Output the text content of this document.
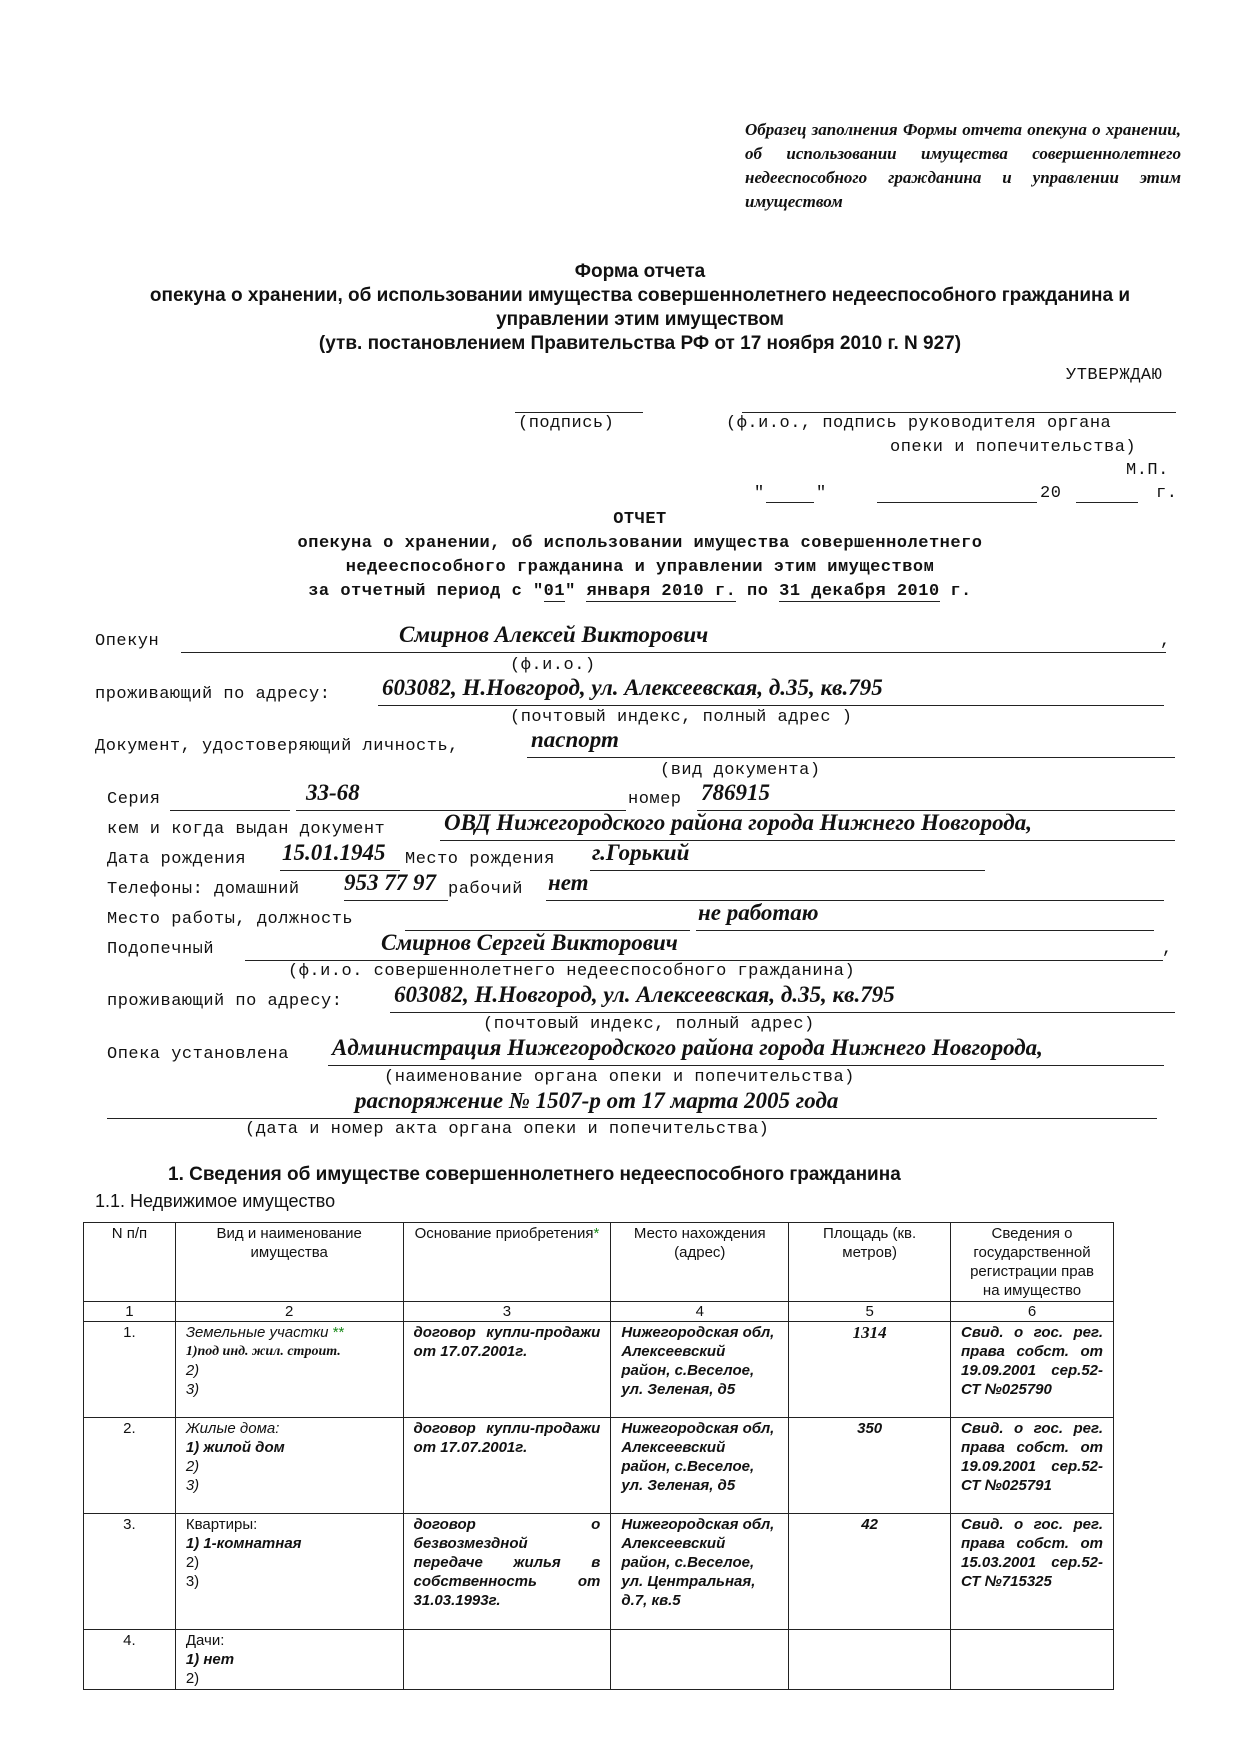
Образец заполнения Формы отчета опекуна о хранении, об использовании имущества совершеннолетнего недееспособного гражданина и управлении этим имуществом
Форма отчета
опекуна о хранении, об использовании имущества совершеннолетнего недееспособного гражданина и
управлении этим имуществом
(утв. постановлением Правительства РФ от 17 ноября 2010 г. N 927)
УТВЕРЖДАЮ
(подпись)	(ф.и.о., подпись руководителя органа
опеки и попечительства)
М.П.
"	"	20	г.
ОТЧЕТ
опекуна о хранении, об использовании имущества совершеннолетнего
недееспособного гражданина и управлении этим имуществом
за отчетный период с "01" января 2010 г. по 31 декабря 2010 г.
Опекун	Смирнов Алексей Викторович	,
(ф.и.о.)
проживающий по адресу: 603082, Н.Новгород, ул. Алексеевская, д.35, кв.795
(почтовый индекс, полный адрес )
Документ, удостоверяющий личность,	паспорт
(вид документа)
Серия	33-68	номер 786915
кем и когда выдан документ	ОВД Нижегородского района города Нижнего Новгорода,
Дата рождения 15.01.1945 Место рождения г.Горький
Телефоны: домашний 953 77 97 рабочий нет
Место работы, должность	не работаю
Подопечный	Смирнов Сергей Викторович	,
(ф.и.о. совершеннолетнего недееспособного гражданина)
проживающий по адресу: 603082, Н.Новгород, ул. Алексеевская, д.35, кв.795
(почтовый индекс, полный адрес)
Опека установлена Администрация Нижегородского района города Нижнего Новгорода,
(наименование органа опеки и попечительства)
распоряжение № 1507-р от 17 марта 2005 года
(дата и номер акта органа опеки и попечительства)
1. Сведения об имуществе совершеннолетнего недееспособного гражданина
1.1. Недвижимое имущество
N п/п	Вид и наименование имущества	Основание приобретения*	Место нахождения (адрес)	Площадь (кв. метров)	Сведения о государственной регистрации прав на имущество
1	2	3	4	5	6
1.	Земельные участки **
1)под инд. жил. строит.
2)
3)	договор купли-продажи от 17.07.2001г.	Нижегородская обл, Алексеевский район, с.Веселое, ул. Зеленая, д5	1314	Свид. о гос. рег. права собст. от 19.09.2001 сер.52-СТ №025790
2.	Жилые дома:
1) жилой дом
2)
3)	договор купли-продажи от 17.07.2001г.	Нижегородская обл, Алексеевский район, с.Веселое, ул. Зеленая, д5	350	Свид. о гос. рег. права собст. от 19.09.2001 сер.52-СТ №025791
3.	Квартиры:
1) 1-комнатная
2)
3)	договор о безвозмездной передаче жилья в собственность от 31.03.1993г.	Нижегородская обл, Алексеевский район, с.Веселое, ул. Центральная, д.7, кв.5	42	Свид. о гос. рег. права собст. от 15.03.2001 сер.52-СТ №715325
4.	Дачи:
1) нет
2)				
